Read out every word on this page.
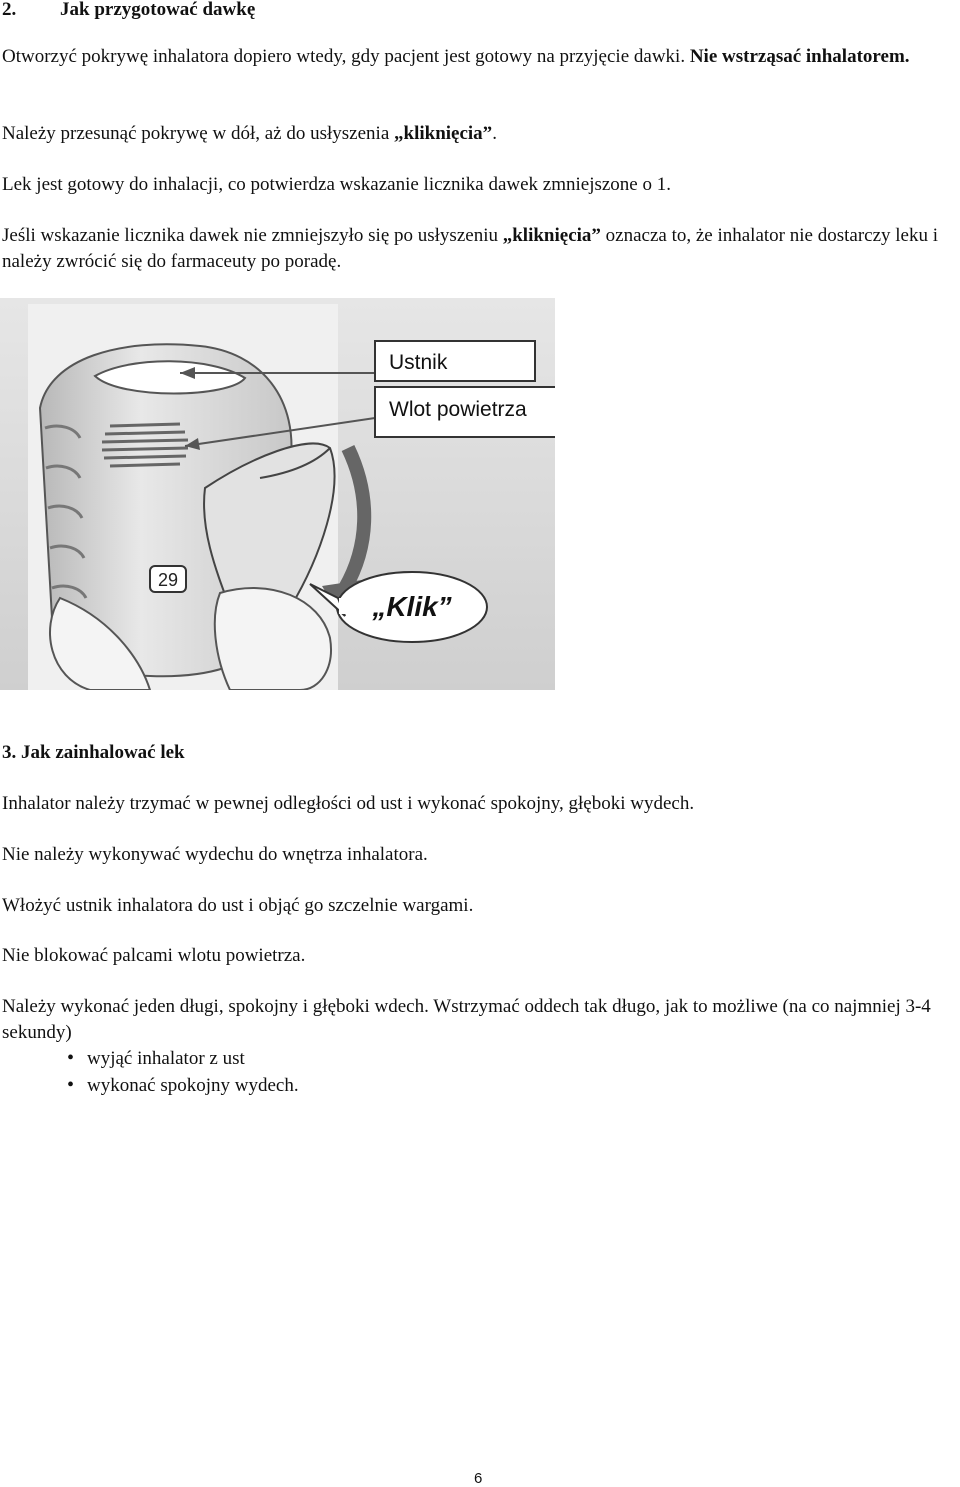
2. Jak przygotować dawkę

Otworzyć pokrywę inhalatora dopiero wtedy, gdy pacjent jest gotowy na przyjęcie dawki. Nie wstrząsać inhalatorem.

Należy przesunąć pokrywę w dół, aż do usłyszenia „kliknięcia”.

Lek jest gotowy do inhalacji, co potwierdza wskazanie licznika dawek zmniejszone o 1.

Jeśli wskazanie licznika dawek nie zmniejszyło się po usłyszeniu „kliknięcia” oznacza to, że inhalator nie dostarczy leku i należy zwrócić się do farmaceuty po poradę.

29
Ustnik
Wlot powietrza
„Klik”
3. Jak zainhalować lek

Inhalator należy trzymać w pewnej odległości od ust i wykonać spokojny, głęboki wydech.

Nie należy wykonywać wydechu do wnętrza inhalatora.

Włożyć ustnik inhalatora do ust i objąć go szczelnie wargami.

Nie blokować palcami wlotu powietrza.

Należy wykonać jeden długi, spokojny i głęboki wdech. Wstrzymać oddech tak długo, jak to możliwe (na co najmniej 3-4 sekundy)

• wyjąć inhalator z ust
• wykonać spokojny wydech.
6
